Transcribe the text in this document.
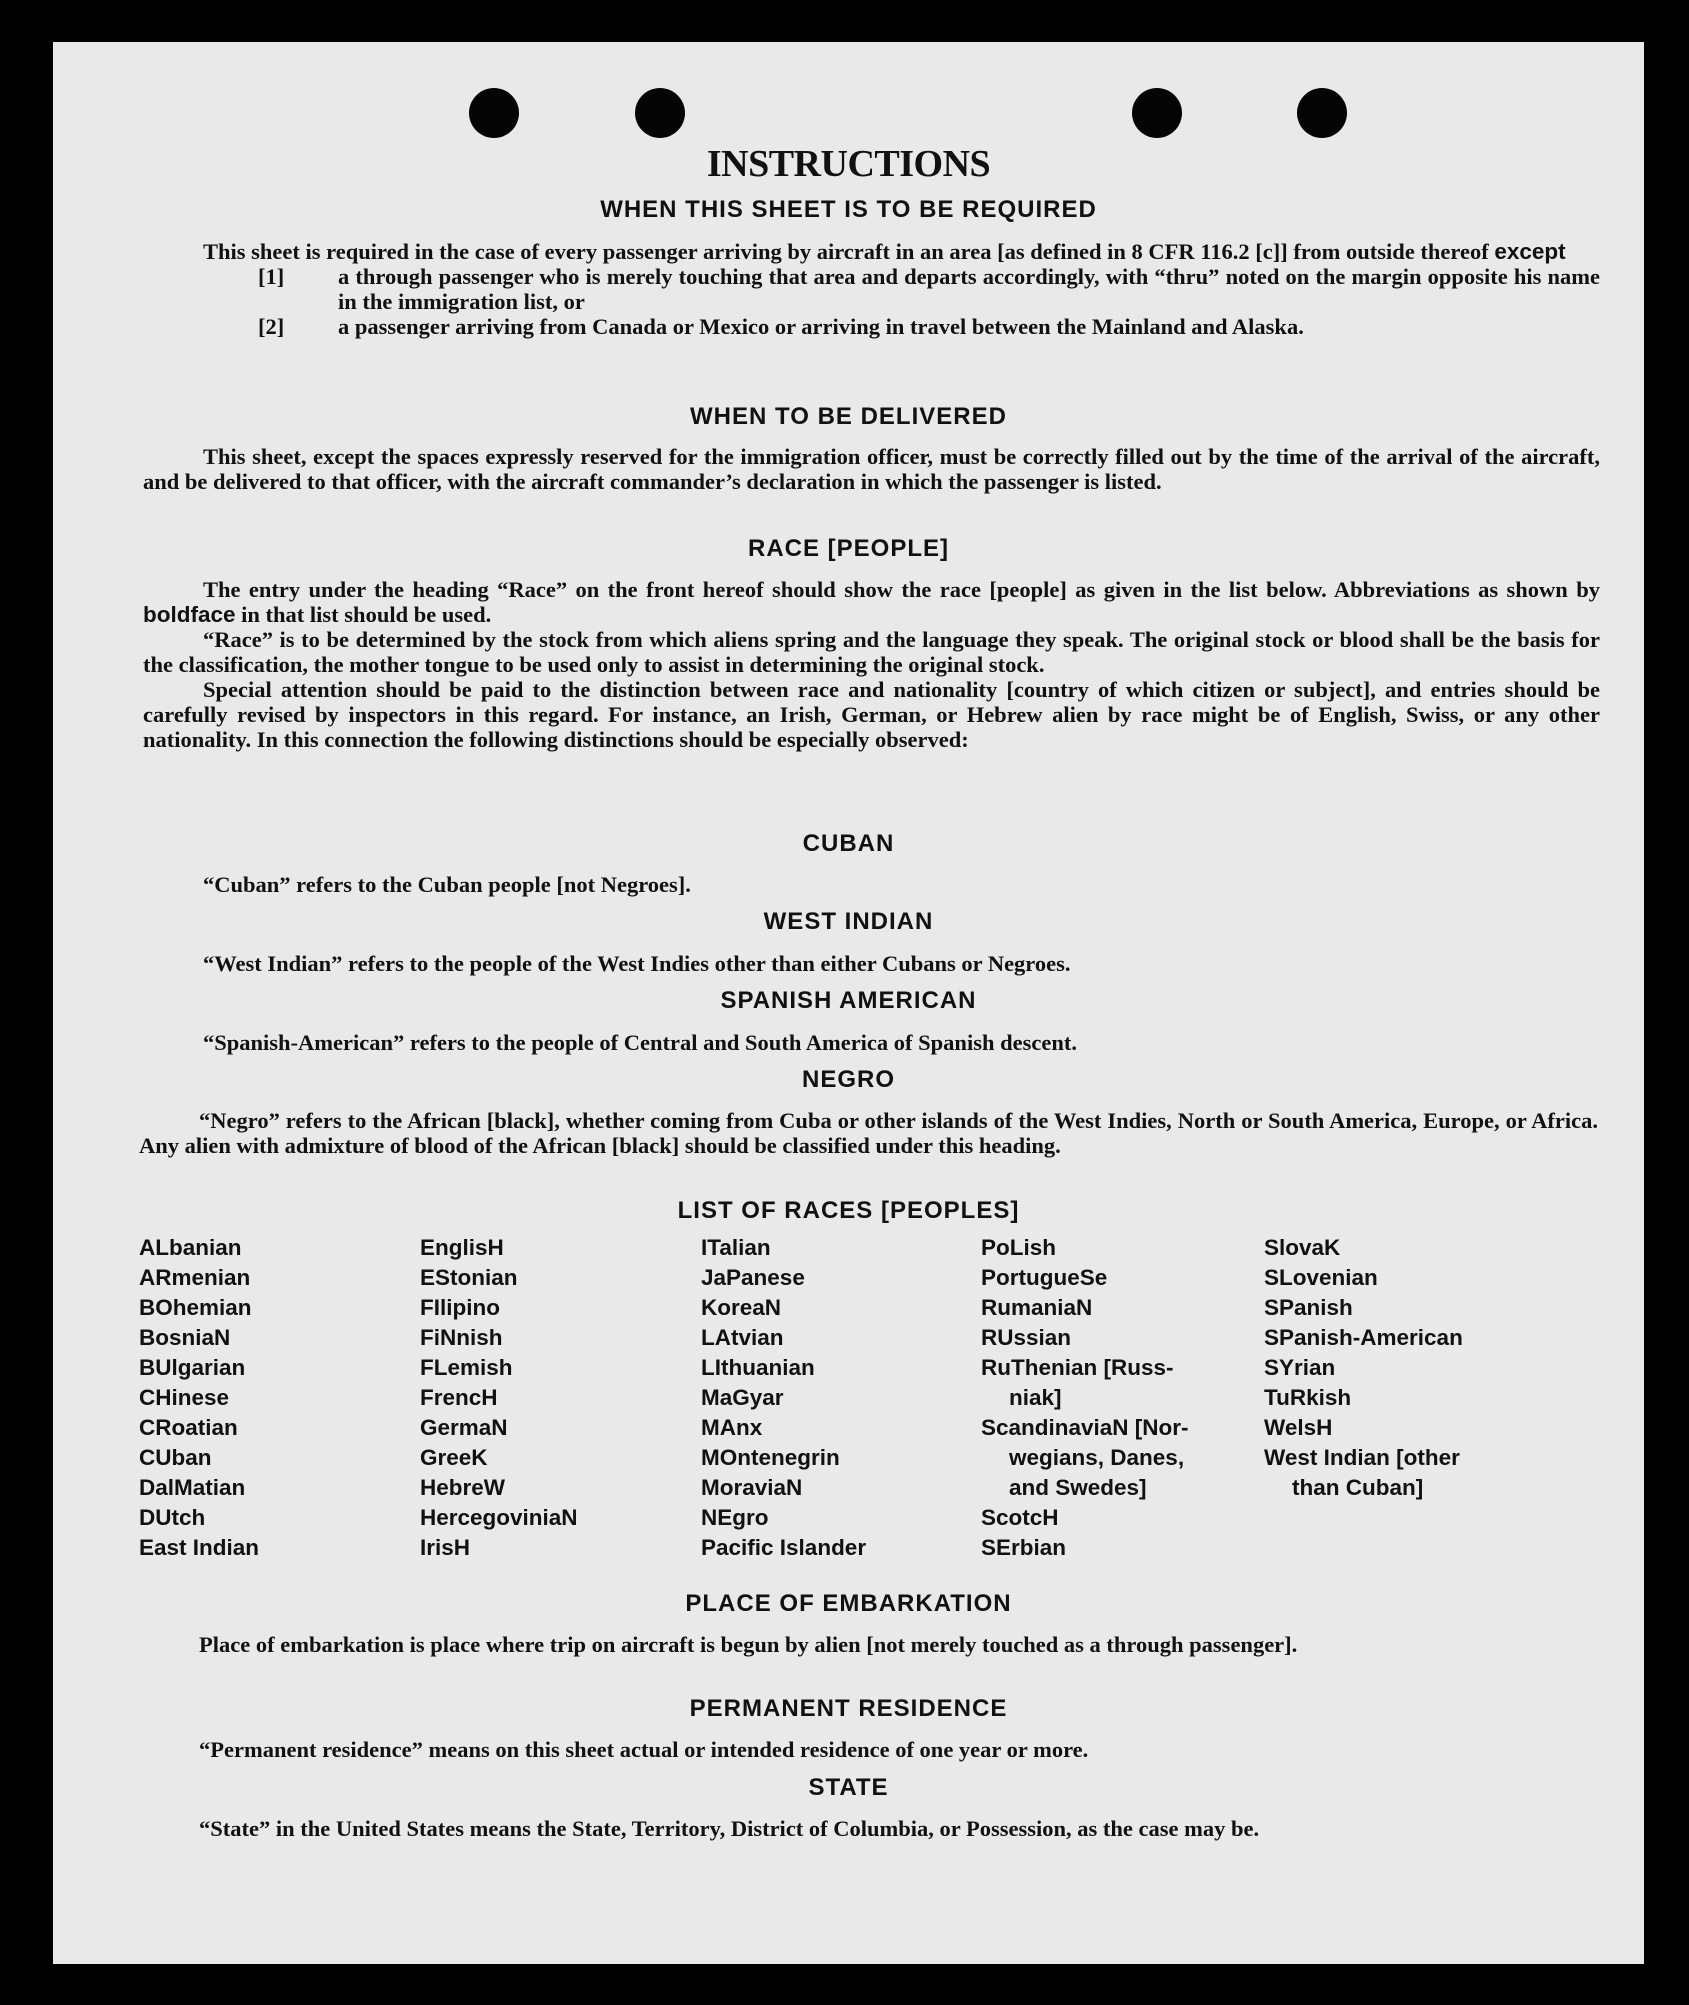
INSTRUCTIONS
WHEN THIS SHEET IS TO BE REQUIRED
This sheet is required in the case of every passenger arriving by aircraft in an area [as defined in 8 CFR 116.2 [c]] from outside thereof except
[1] a through passenger who is merely touching that area and departs accordingly, with “thru” noted on the margin opposite his name in the immigration list, or
[2] a passenger arriving from Canada or Mexico or arriving in travel between the Mainland and Alaska.
WHEN TO BE DELIVERED
This sheet, except the spaces expressly reserved for the immigration officer, must be correctly filled out by the time of the arrival of the aircraft, and be delivered to that officer, with the aircraft commander’s declaration in which the passenger is listed.
RACE [PEOPLE]
The entry under the heading “Race” on the front hereof should show the race [people] as given in the list below. Abbreviations as shown by boldface in that list should be used.
“Race” is to be determined by the stock from which aliens spring and the language they speak. The original stock or blood shall be the basis for the classification, the mother tongue to be used only to assist in determining the original stock.
Special attention should be paid to the distinction between race and nationality [country of which citizen or subject], and entries should be carefully revised by inspectors in this regard. For instance, an Irish, German, or Hebrew alien by race might be of English, Swiss, or any other nationality. In this connection the following distinctions should be especially observed:
CUBAN
“Cuban” refers to the Cuban people [not Negroes].
WEST INDIAN
“West Indian” refers to the people of the West Indies other than either Cubans or Negroes.
SPANISH AMERICAN
“Spanish-American” refers to the people of Central and South America of Spanish descent.
NEGRO
“Negro” refers to the African [black], whether coming from Cuba or other islands of the West Indies, North or South America, Europe, or Africa. Any alien with admixture of blood of the African [black] should be classified under this heading.
LIST OF RACES [PEOPLES]
ALbanian
ARmenian
BOhemian
BosniaN
BUlgarian
CHinese
CRoatian
CUban
DalMatian
DUtch
East Indian
EnglisH
EStonian
FIlipino
FiNnish
FLemish
FrencH
GermaN
GreeK
HebreW
HercegoviniaN
IrisH
ITalian
JaPanese
KoreaN
LAtvian
LIthuanian
MaGyar
MAnx
MOntenegrin
MoraviaN
NEgro
Pacific Islander
PoLish
PortugueSe
RumaniaN
RUssian
RuThenian [Russ-
niak]
ScandinaviaN [Nor-
wegians, Danes,
and Swedes]
ScotcH
SErbian
SlovaK
SLovenian
SPanish
SPanish-American
SYrian
TuRkish
WelsH
West Indian [other
than Cuban]
PLACE OF EMBARKATION
Place of embarkation is place where trip on aircraft is begun by alien [not merely touched as a through passenger].
PERMANENT RESIDENCE
“Permanent residence” means on this sheet actual or intended residence of one year or more.
STATE
“State” in the United States means the State, Territory, District of Columbia, or Possession, as the case may be.
